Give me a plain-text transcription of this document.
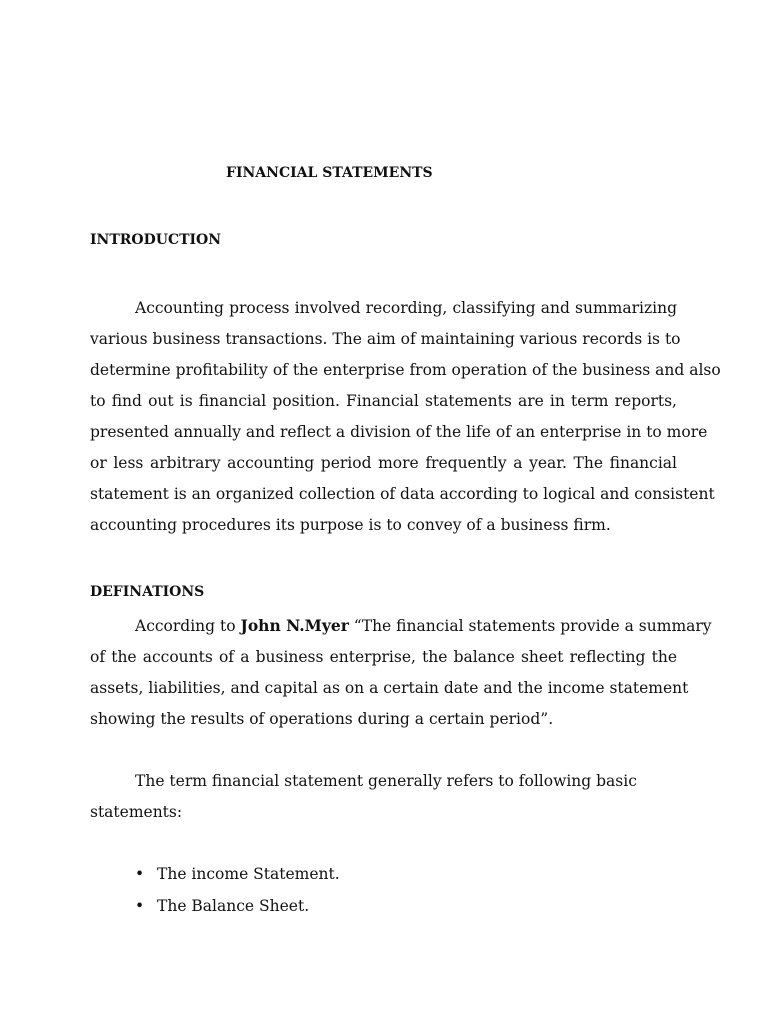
FINANCIAL STATEMENTS
INTRODUCTION
Accounting process involved recording, classifying and summarizing
various business transactions. The aim of maintaining various records is to
determine profitability of the enterprise from operation of the business and also
to find out is financial position. Financial statements are in term reports,
presented annually and reflect a division of the life of an enterprise in to more
or less arbitrary accounting period more frequently a year. The financial
statement is an organized collection of data according to logical and consistent
accounting procedures its purpose is to convey of a business firm.
DEFINATIONS
According to John N.Myer “The financial statements provide a summary
of the accounts of a business enterprise, the balance sheet reflecting the
assets, liabilities, and capital as on a certain date and the income statement
showing the results of operations during a certain period”.
The term financial statement generally refers to following basic
statements:
• The income Statement.
• The Balance Sheet.
